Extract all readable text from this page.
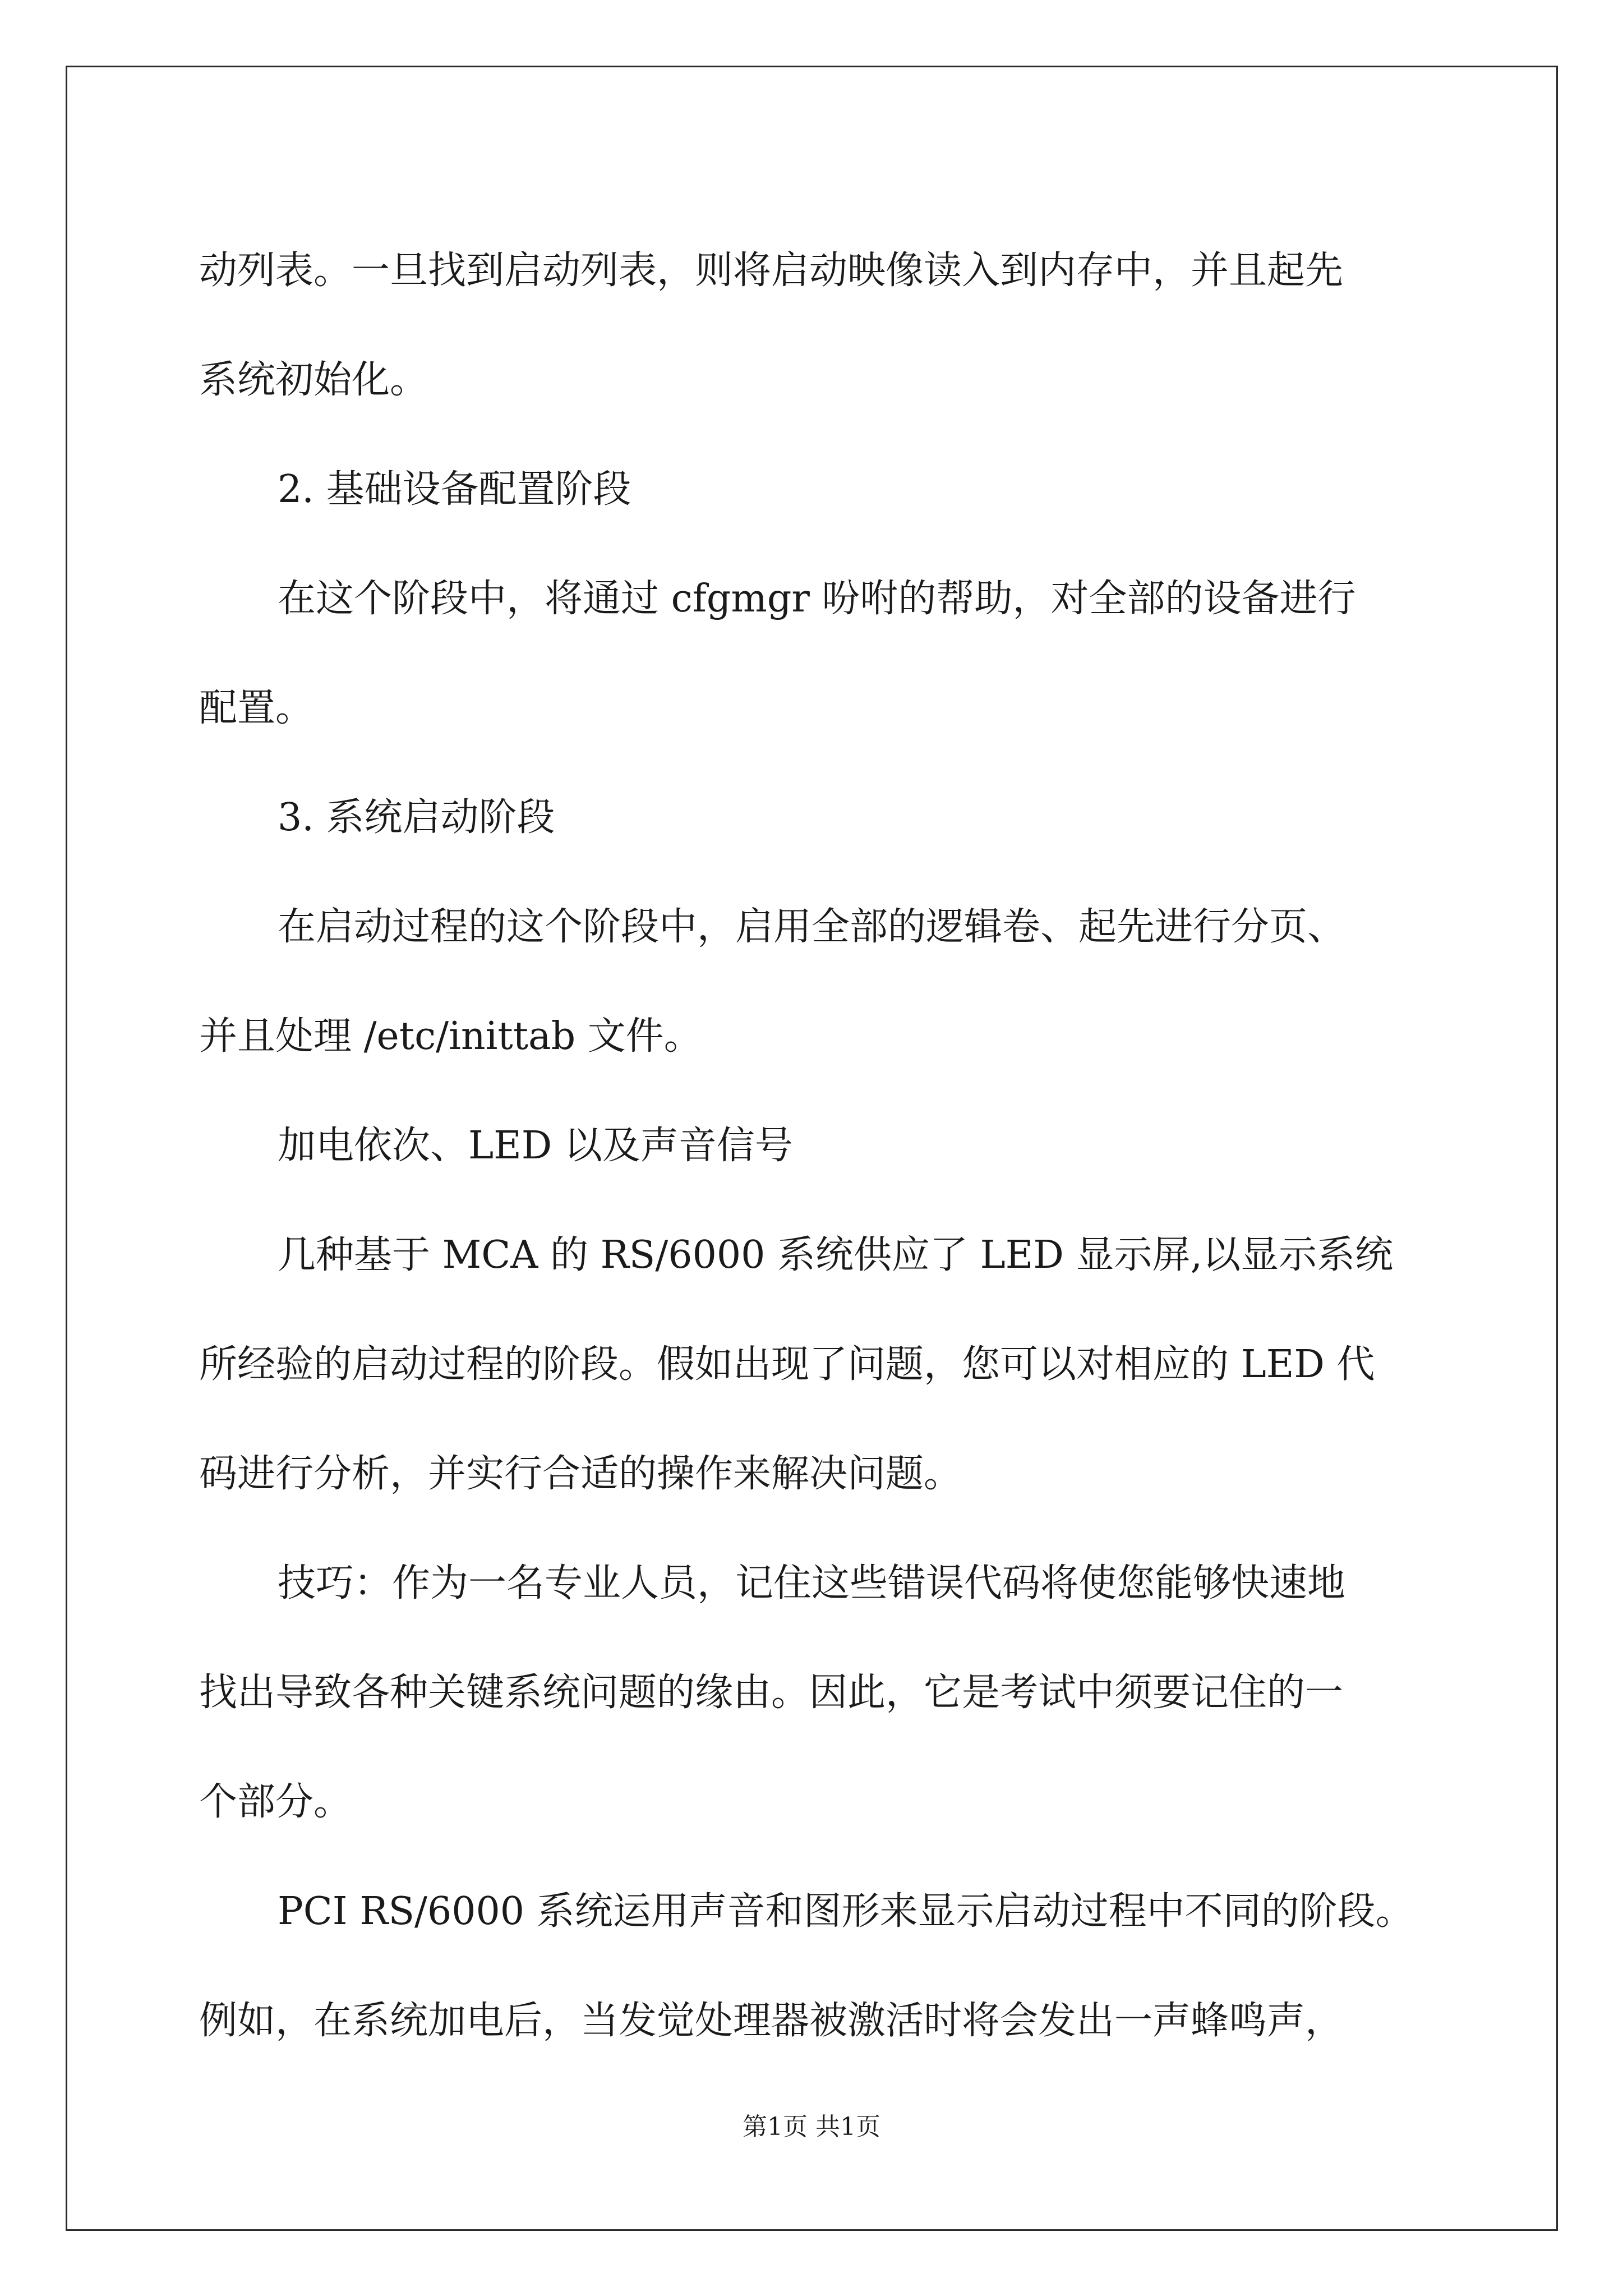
动列表。一旦找到启动列表，则将启动映像读入到内存中，并且起先

系统初始化。

2. 基础设备配置阶段

在这个阶段中，将通过 cfgmgr 吩咐的帮助，对全部的设备进行

配置。

3. 系统启动阶段

在启动过程的这个阶段中，启用全部的逻辑卷、起先进行分页、

并且处理 /etc/inittab 文件。

加电依次、LED 以及声音信号

几种基于 MCA 的 RS/6000 系统供应了 LED 显示屏,以显示系统

所经验的启动过程的阶段。假如出现了问题，您可以对相应的 LED 代

码进行分析，并实行合适的操作来解决问题。

技巧：作为一名专业人员，记住这些错误代码将使您能够快速地

找出导致各种关键系统问题的缘由。因此，它是考试中须要记住的一

个部分。

PCI RS/6000 系统运用声音和图形来显示启动过程中不同的阶段。

例如，在系统加电后，当发觉处理器被激活时将会发出一声蜂鸣声，

第1页 共1页
